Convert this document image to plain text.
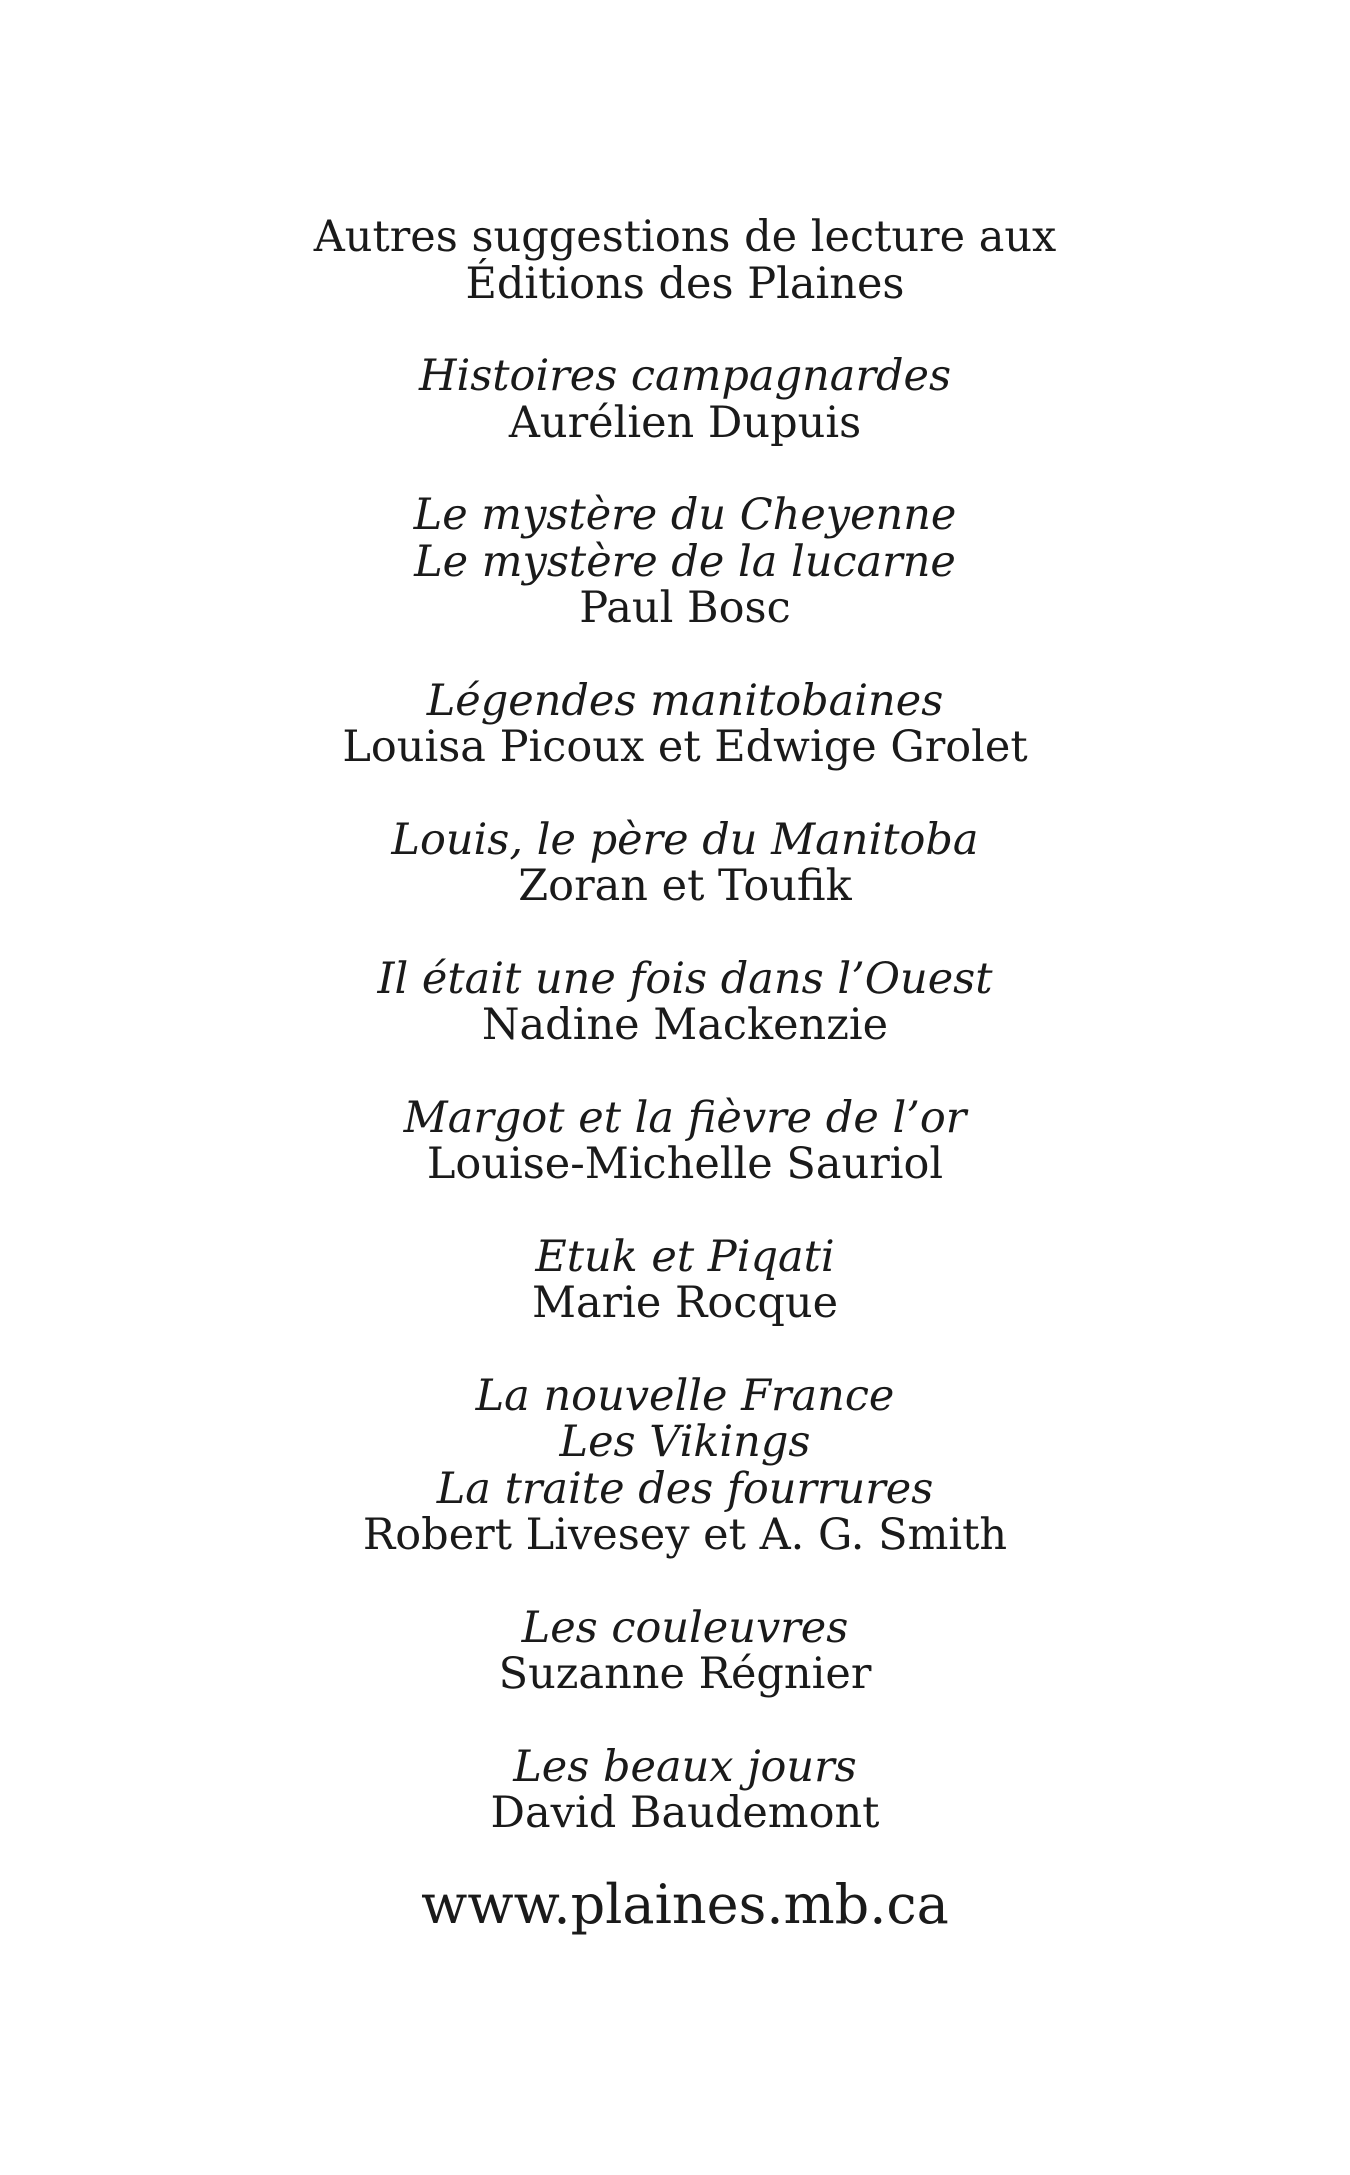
Autres suggestions de lecture aux
Éditions des Plaines
Histoires campagnardes
Aurélien Dupuis
Le mystère du Cheyenne
Le mystère de la lucarne
Paul Bosc
Légendes manitobaines
Louisa Picoux et Edwige Grolet
Louis, le père du Manitoba
Zoran et Toufik
Il était une fois dans l’Ouest
Nadine Mackenzie
Margot et la fièvre de l’or
Louise-Michelle Sauriol
Etuk et Piqati
Marie Rocque
La nouvelle France
Les Vikings
La traite des fourrures
Robert Livesey et A. G. Smith
Les couleuvres
Suzanne Régnier
Les beaux jours
David Baudemont
www.plaines.mb.ca
